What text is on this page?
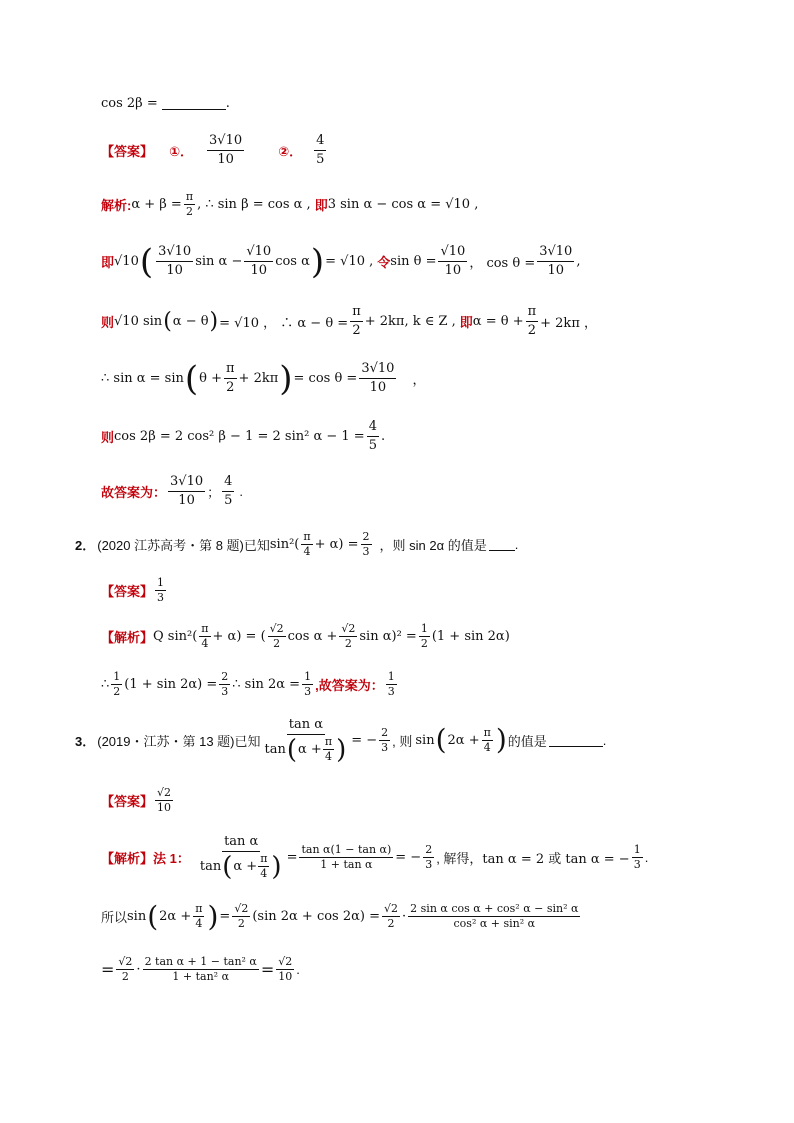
cos 2β =	.
【答案】 ①． $\frac{3√10}{10}$	②． $\frac{4}{5}$
解析: $\alpha + \beta = \frac{\pi}{2}$ , ∴ sin β = cos α , 即 3 sin α − cos α = √10 ,
即 √10 ( $\frac{3√10}{10}$ $\sin \alpha - \frac{√10}{10}$ cos α ) = √10 , 令 $\sin \theta = \frac{√10}{10}$ ， $\cos \theta = \frac{3√10}{10}$ ,
则 √10 sin ( α − θ ) = √10 ， ∴ $\alpha - \theta = \frac{\pi}{2} + 2k\pi$, k ∈ Z , 即 $\alpha = \theta + \frac{\pi}{2} + 2k\pi$ ，
∴ sin α = sin ( $\theta + \frac{\pi}{2} + 2k\pi$ ) = $\cos \theta = \frac{3√10}{10}$ ，
则 cos 2β = 2 cos² β − 1 = 2 sin² $\alpha - 1 = \frac{4}{5}$ .
故答案为： $\frac{3√10}{10}$ ； $\frac{4}{5}$ .
2． (2020 江苏高考・第 8 题)已知 $\sin^2( \frac{\pi}{4} + \alpha) = \frac{2}{3}$ ，则 sin 2α 的值是 .
【答案】 $\frac{1}{3}$
【解析】 Q $\sin^2( \frac{\pi}{4} + \alpha)$ = ( $\frac{√2}{2}$ $\cos \alpha + \frac{√2}{2}$ $\sin \alpha)^2 = \frac{1}{2} (1 + \sin 2\alpha)$
∴ $\frac{1}{2} (1 + \sin 2\alpha) = \frac{2}{3}$ ∴ $\sin 2\alpha = \frac{1}{3}$ ,故答案为： $\frac{1}{3}$
3． (2019・江苏・第 13 题)已知 $\frac{\text{tan α}}{\tan ( \alpha + \frac{\pi}{4} )}$ = − $\frac{2}{3}$ , 则 sin ( $2\alpha + \frac{\pi}{4}$ ) 的值是	.
【答案】 $\frac{√2}{10}$
【解析】 法 1： $\frac{\text{tan α}}{\tan ( \alpha + \frac{\pi}{4} )} = \frac{\text{tan α(1 − tan α)}}{\text{1 + tan α}}$ = − $\frac{2}{3}$ , 解得， tan α = 2 或 tan α = − $\frac{1}{3}$ .
所以 sin ( $2\alpha + \frac{\pi}{4}$ ) = $\frac{√2}{2} (\sin$ $2\alpha + \cos 2\alpha) = \frac{√2}{2} \cdot \frac{\text{2 sin α cos α + cos² α − sin² α}}{\text{cos² α + sin² α}}$
= $\frac{√2}{2} \cdot \frac{\text{2 tan α + 1 − tan² α}}{\text{1 + tan² α}} = \frac{√2}{10}$ .
